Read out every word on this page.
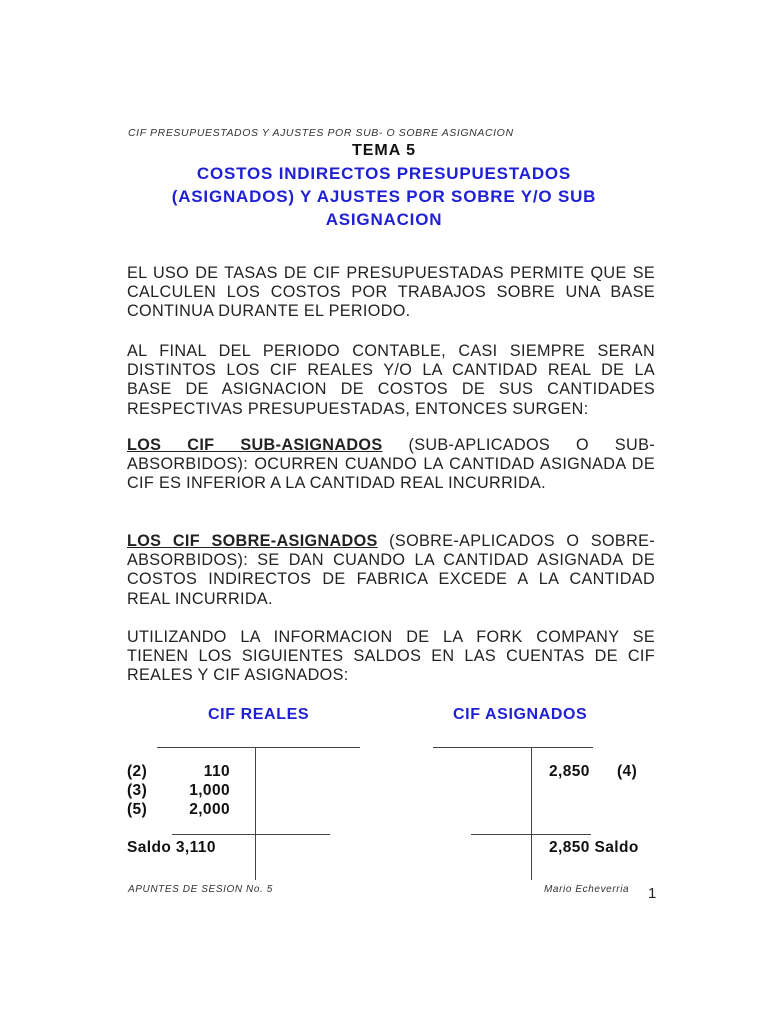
CIF PRESUPUESTADOS Y AJUSTES POR SUB- O SOBRE ASIGNACION
TEMA 5
COSTOS INDIRECTOS PRESUPUESTADOS
(ASIGNADOS) Y AJUSTES POR SOBRE Y/O SUB
ASIGNACION
EL USO DE TASAS DE CIF PRESUPUESTADAS PERMITE QUE SE CALCULEN LOS COSTOS POR TRABAJOS SOBRE UNA BASE CONTINUA DURANTE EL PERIODO.
AL FINAL DEL PERIODO CONTABLE, CASI SIEMPRE SERAN DISTINTOS LOS CIF REALES Y/O LA CANTIDAD REAL DE LA BASE DE ASIGNACION DE COSTOS DE SUS CANTIDADES RESPECTIVAS PRESUPUESTADAS, ENTONCES SURGEN:
LOS CIF SUB-ASIGNADOS (SUB-APLICADOS O SUB-ABSORBIDOS): OCURREN CUANDO LA CANTIDAD ASIGNADA DE CIF ES INFERIOR A LA CANTIDAD REAL INCURRIDA.
LOS CIF SOBRE-ASIGNADOS (SOBRE-APLICADOS O SOBRE-ABSORBIDOS): SE DAN CUANDO LA CANTIDAD ASIGNADA DE COSTOS INDIRECTOS DE FABRICA EXCEDE A LA CANTIDAD REAL INCURRIDA.
UTILIZANDO LA INFORMACION DE LA FORK COMPANY SE TIENEN LOS SIGUIENTES SALDOS EN LAS CUENTAS DE CIF REALES Y CIF ASIGNADOS:
CIF REALES
(2)	110
(3)	1,000
(5)	2,000
Saldo 3,110
CIF ASIGNADOS
2,850 (4)
2,850 Saldo
APUNTES DE SESION No. 5	Mario Echeverria 1
